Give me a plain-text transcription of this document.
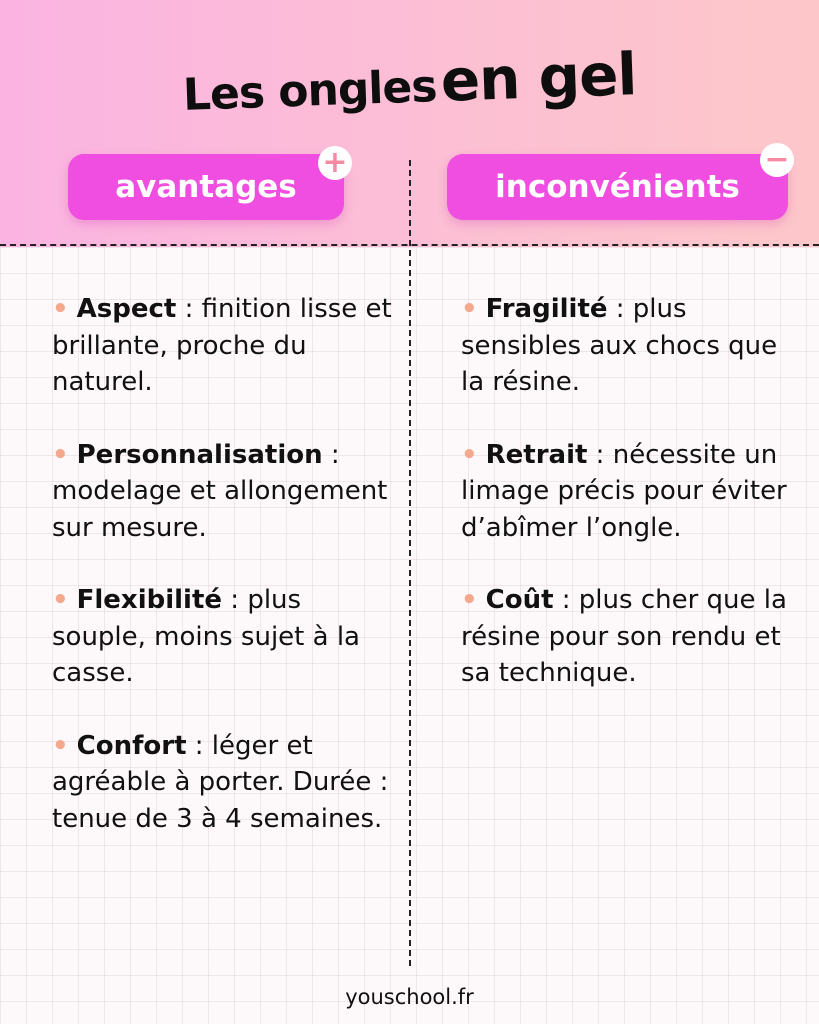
Les ongles en gel
avantages
+
inconvénients
−
• Aspect : finition lisse et brillante, proche du naturel.
• Personnalisation : modelage et allongement sur mesure.
• Flexibilité : plus souple, moins sujet à la casse.
• Confort : léger et agréable à porter. Durée : tenue de 3 à 4 semaines.
• Fragilité : plus sensibles aux chocs que la résine.
• Retrait : nécessite un limage précis pour éviter d’abîmer l’ongle.
• Coût : plus cher que la résine pour son rendu et sa technique.
youschool.fr
